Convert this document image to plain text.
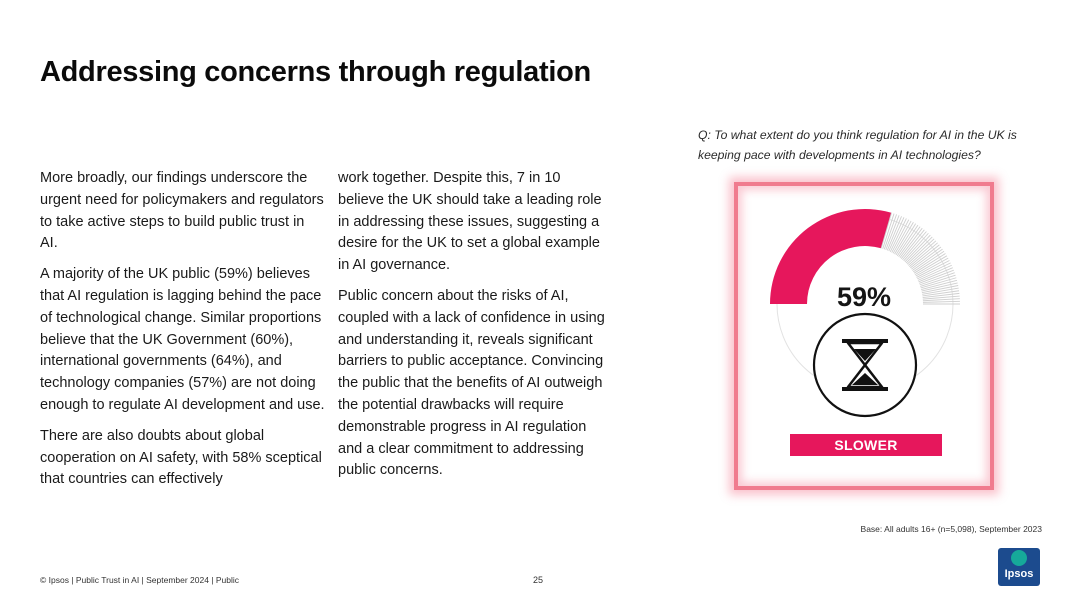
Addressing concerns through regulation

More broadly, our findings underscore the urgent need for policymakers and regulators to take active steps to build public trust in AI.

A majority of the UK public (59%) believes that AI regulation is lagging behind the pace of technological change. Similar proportions believe that the UK Government (60%), international governments (64%), and technology companies (57%) are not doing enough to regulate AI development and use.

There are also doubts about global cooperation on AI safety, with 58% sceptical that countries can effectively

work together. Despite this, 7 in 10 believe the UK should take a leading role in addressing these issues, suggesting a desire for the UK to set a global example in AI governance.

Public concern about the risks of AI, coupled with a lack of confidence in using and understanding it, reveals significant barriers to public acceptance. Convincing the public that the benefits of AI outweigh the potential drawbacks will require demonstrable progress in AI regulation and a clear commitment to addressing public concerns.

Q: To what extent do you think regulation for AI in the UK is keeping pace with developments in AI technologies?
59%
SLOWER
Base: All adults 16+ (n=5,098), September 2023
© Ipsos | Public Trust in AI | September 2024 | Public	25	Ipsos
